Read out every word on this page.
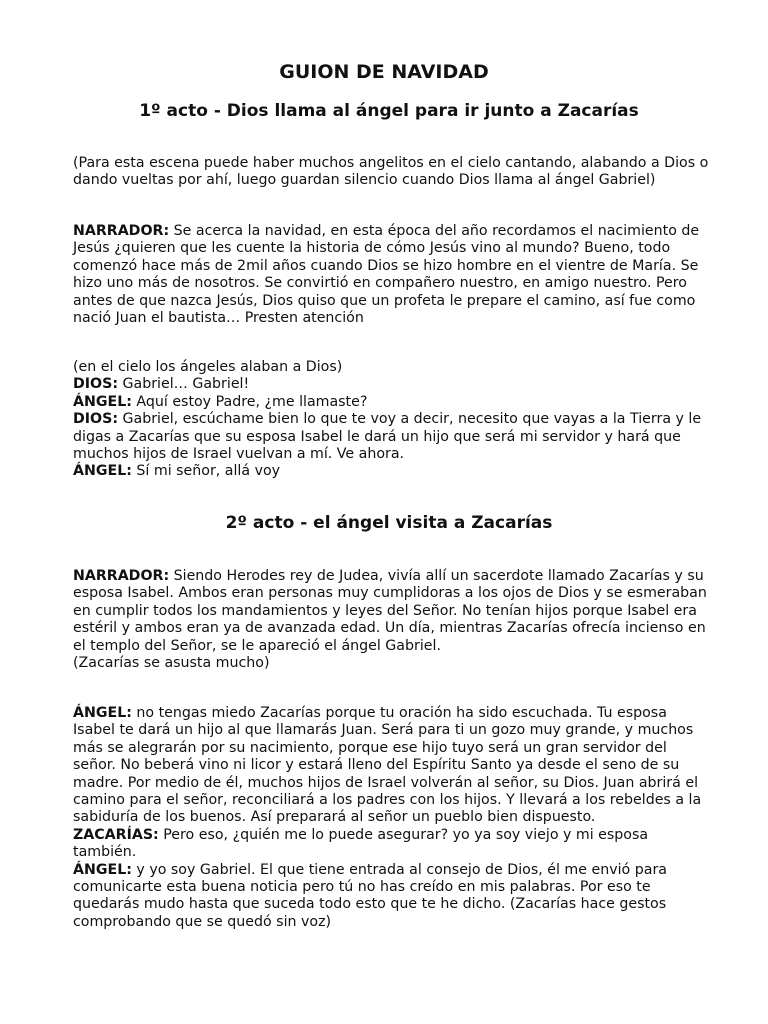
GUION DE NAVIDAD
1º acto - Dios llama al ángel para ir junto a Zacarías

(Para esta escena puede haber muchos angelitos en el cielo cantando, alabando a Dios o dando vueltas por ahí, luego guardan silencio cuando Dios llama al ángel Gabriel)

NARRADOR: Se acerca la navidad, en esta época del año recordamos el nacimiento de Jesús ¿quieren que les cuente la historia de cómo Jesús vino al mundo? Bueno, todo comenzó hace más de 2mil años cuando Dios se hizo hombre en el vientre de María. Se hizo uno más de nosotros. Se convirtió en compañero nuestro, en amigo nuestro. Pero antes de que nazca Jesús, Dios quiso que un profeta le prepare el camino, así fue como nació Juan el bautista… Presten atención

(en el cielo los ángeles alaban a Dios)

DIOS: Gabriel… Gabriel!

ÁNGEL: Aquí estoy Padre, ¿me llamaste?

DIOS: Gabriel, escúchame bien lo que te voy a decir, necesito que vayas a la Tierra y le digas a Zacarías que su esposa Isabel le dará un hijo que será mi servidor y hará que muchos hijos de Israel vuelvan a mí. Ve ahora.

ÁNGEL: Sí mi señor, allá voy

2º acto - el ángel visita a Zacarías

NARRADOR: Siendo Herodes rey de Judea, vivía allí un sacerdote llamado Zacarías y su esposa Isabel. Ambos eran personas muy cumplidoras a los ojos de Dios y se esmeraban en cumplir todos los mandamientos y leyes del Señor. No tenían hijos porque Isabel era estéril y ambos eran ya de avanzada edad. Un día, mientras Zacarías ofrecía incienso en el templo del Señor, se le apareció el ángel Gabriel.

(Zacarías se asusta mucho)

ÁNGEL: no tengas miedo Zacarías porque tu oración ha sido escuchada. Tu esposa Isabel te dará un hijo al que llamarás Juan. Será para ti un gozo muy grande, y muchos más se alegrarán por su nacimiento, porque ese hijo tuyo será un gran servidor del señor. No beberá vino ni licor y estará lleno del Espíritu Santo ya desde el seno de su madre. Por medio de él, muchos hijos de Israel volverán al señor, su Dios. Juan abrirá el camino para el señor, reconciliará a los padres con los hijos. Y llevará a los rebeldes a la sabiduría de los buenos. Así preparará al señor un pueblo bien dispuesto.

ZACARÍAS: Pero eso, ¿quién me lo puede asegurar? yo ya soy viejo y mi esposa también.

ÁNGEL: y yo soy Gabriel. El que tiene entrada al consejo de Dios, él me envió para comunicarte esta buena noticia pero tú no has creído en mis palabras. Por eso te quedarás mudo hasta que suceda todo esto que te he dicho. (Zacarías hace gestos comprobando que se quedó sin voz)
